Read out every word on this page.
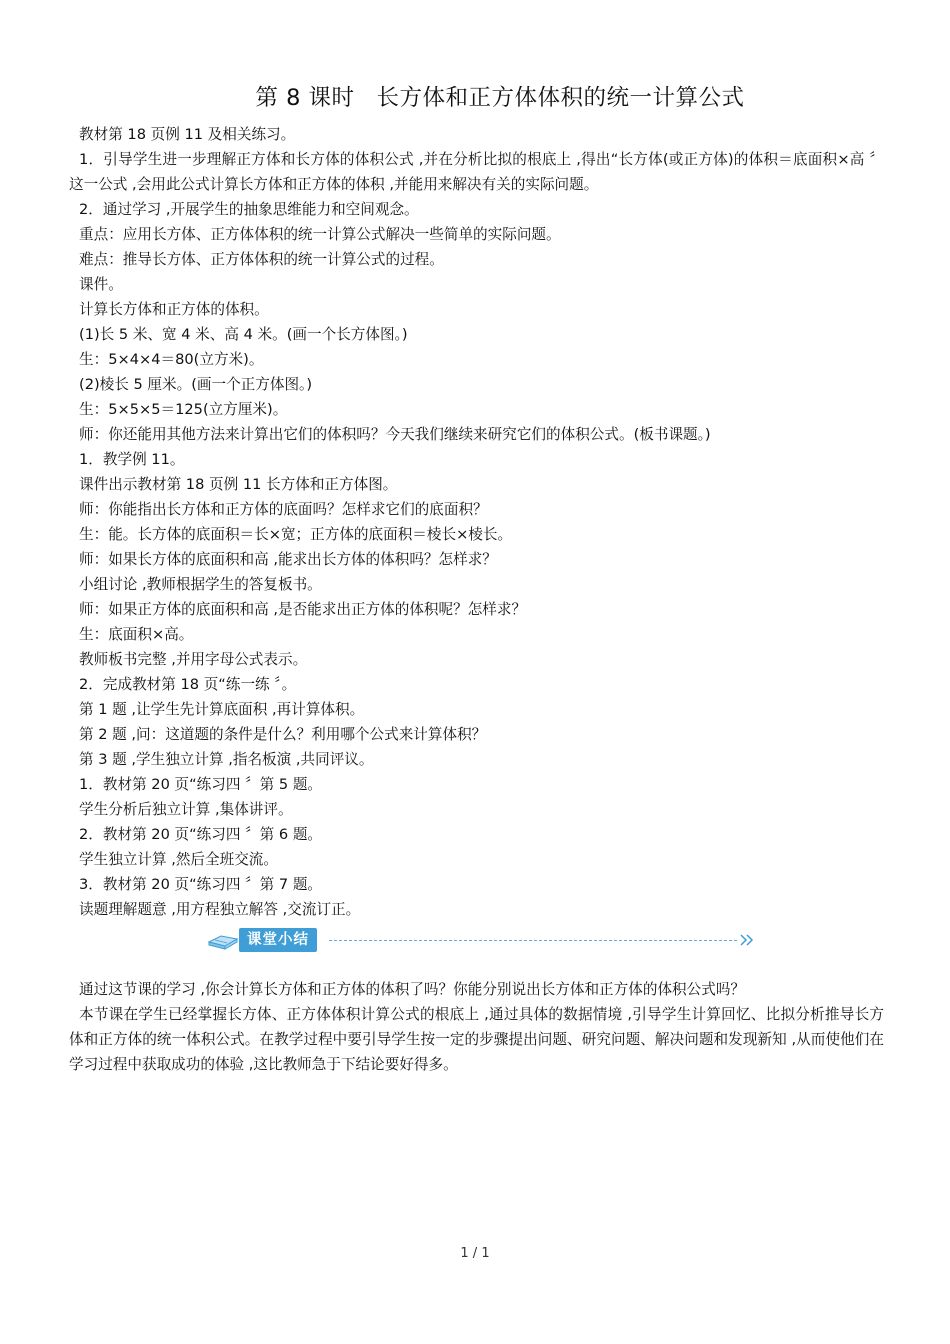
第 8 课时 长方体和正方体体积的统一计算公式
教材第 18 页例 11 及相关练习。
1．引导学生进一步理解正方体和长方体的体积公式 ,并在分析比拟的根底上 ,得出“长方体(或正方体)的体积＝底面积×高 〞这一公式 ,会用此公式计算长方体和正方体的体积 ,并能用来解决有关的实际问题。
2．通过学习 ,开展学生的抽象思维能力和空间观念。
重点：应用长方体、正方体体积的统一计算公式解决一些简单的实际问题。
难点：推导长方体、正方体体积的统一计算公式的过程。
课件。
计算长方体和正方体的体积。
(1)长 5 米、宽 4 米、高 4 米。(画一个长方体图。)
生：5×4×4＝80(立方米)。
(2)棱长 5 厘米。(画一个正方体图。)
生：5×5×5＝125(立方厘米)。
师：你还能用其他方法来计算出它们的体积吗？今天我们继续来研究它们的体积公式。(板书课题。)
1．教学例 11。
课件出示教材第 18 页例 11 长方体和正方体图。
师：你能指出长方体和正方体的底面吗？怎样求它们的底面积？
生：能。长方体的底面积＝长×宽；正方体的底面积＝棱长×棱长。
师：如果长方体的底面积和高 ,能求出长方体的体积吗？怎样求？
小组讨论 ,教师根据学生的答复板书。
师：如果正方体的底面积和高 ,是否能求出正方体的体积呢？怎样求？
生：底面积×高。
教师板书完整 ,并用字母公式表示。
2．完成教材第 18 页“练一练 〞。
第 1 题 ,让学生先计算底面积 ,再计算体积。
第 2 题 ,问：这道题的条件是什么？利用哪个公式来计算体积？
第 3 题 ,学生独立计算 ,指名板演 ,共同评议。
1．教材第 20 页“练习四 〞第 5 题。
学生分析后独立计算 ,集体讲评。
2．教材第 20 页“练习四 〞第 6 题。
学生独立计算 ,然后全班交流。
3．教材第 20 页“练习四 〞第 7 题。
读题理解题意 ,用方程独立解答 ,交流订正。
课堂小结
通过这节课的学习 ,你会计算长方体和正方体的体积了吗？你能分别说出长方体和正方体的体积公式吗？
本节课在学生已经掌握长方体、正方体体积计算公式的根底上 ,通过具体的数据情境 ,引导学生计算回忆、比拟分析推导长方体和正方体的统一体积公式。在教学过程中要引导学生按一定的步骤提出问题、研究问题、解决问题和发现新知 ,从而使他们在学习过程中获取成功的体验 ,这比教师急于下结论要好得多。
1 / 1
